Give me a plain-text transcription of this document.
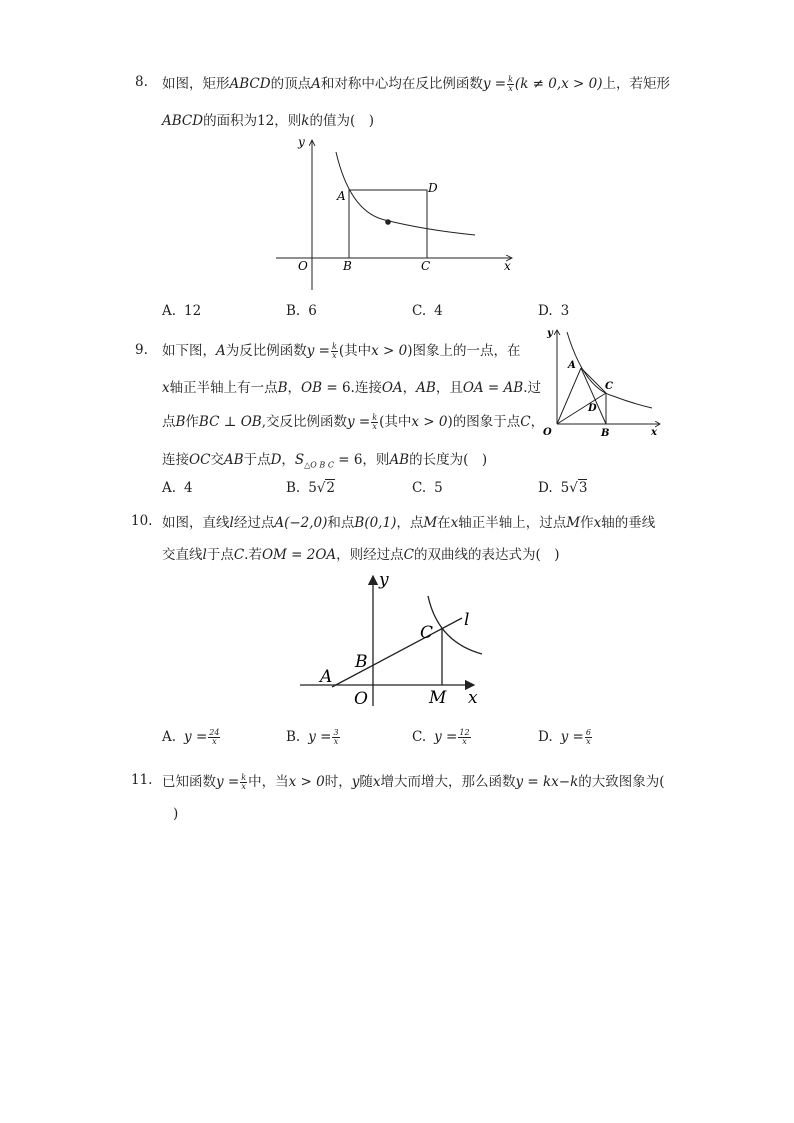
8. 如图，矩形ABCD的顶点A和对称中心均在反比例函数$y = \frac{k}{x} (k \ne 0,x > 0)$上，若矩形
ABCD的面积为12，则k的值为(　)
y
x
O
A
D
B	C
A. 12	B. 6	C. 4	D. 3
9. 如下图，A为反比例函数$y = \frac{k}{x}$ (其中x > 0)图象上的一点，在
x轴正半轴上有一点B，OB = 6.连接OA，AB，且OA = AB.过
点B作BC ⊥ OB,交反比例函数$y = \frac{k}{x}$ (其中x > 0)的图象于点C，
连接OC交AB于点D，$S_{\triangle O B C} = 6$，则AB的长度为(　)
y
x
O
A
B
C
D
A. 4	B. 5√2	C. 5	D. 5√3
10. 如图，直线l经过点A(−2,0)和点B(0,1)，点M在x轴正半轴上，过点M作x轴的垂线
交直线l于点C.若OM = 2OA，则经过点C的双曲线的表达式为(　)
y
x
O
A
B
C
M
l
A. $y = \frac{24}{x}$	B. $y = \frac{3}{x}$	C. $y = \frac{12}{x}$	D. $y = \frac{6}{x}$
11. 已知函数$y = \frac{k}{x}$ 中，当x > 0时，y随x增大而增大，那么函数y = kx−k的大致图象为(
)
